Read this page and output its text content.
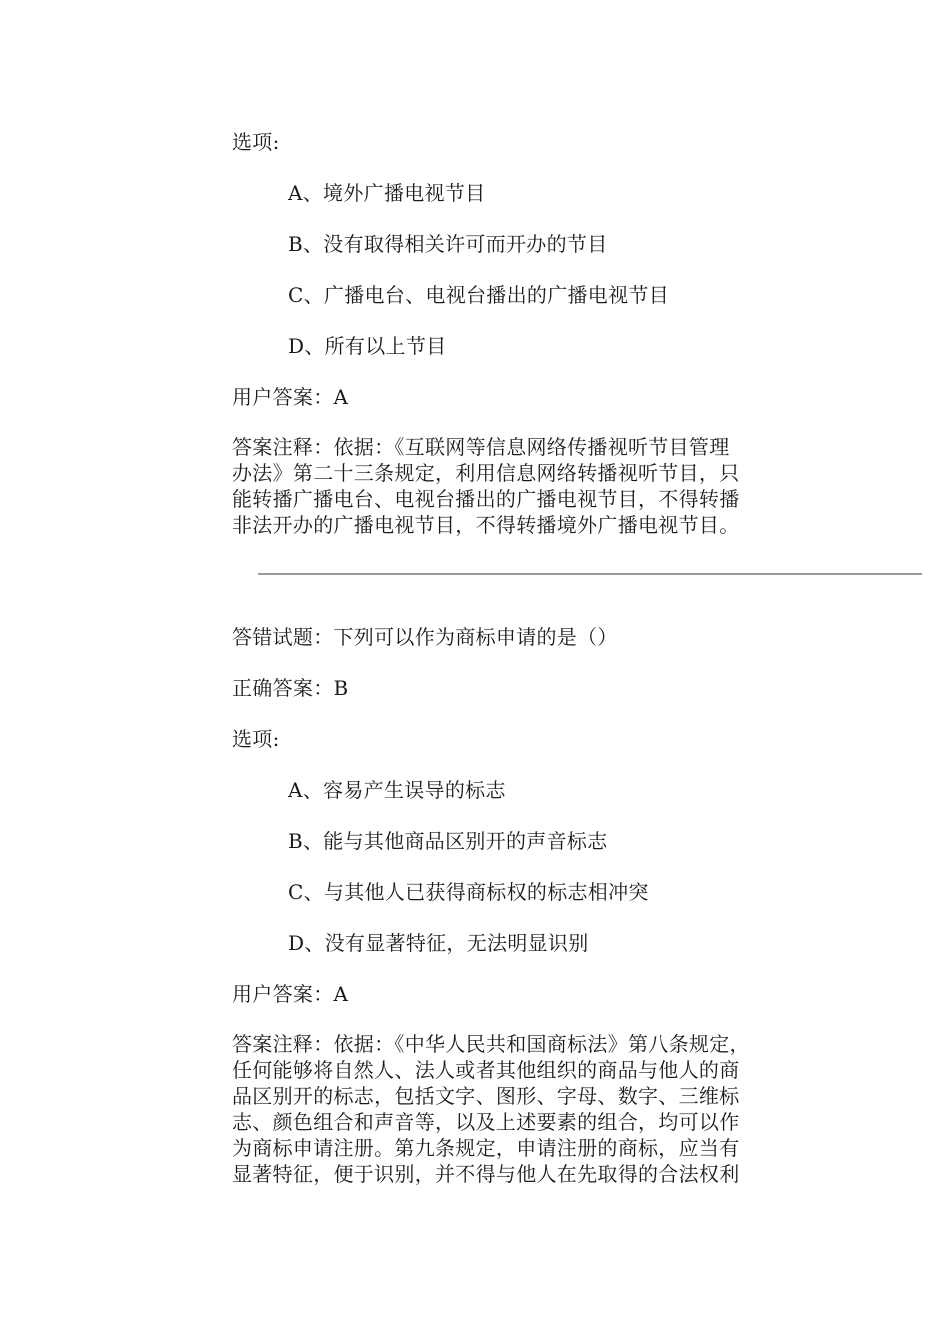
选项:
A、境外广播电视节目
B、没有取得相关许可而开办的节目
C、广播电台、电视台播出的广播电视节目
D、所有以上节目
用户答案：A
答案注释：依据：《互联网等信息网络传播视听节目管理
办法》第二十三条规定，利用信息网络转播视听节目，只
能转播广播电台、电视台播出的广播电视节目，不得转播
非法开办的广播电视节目，不得转播境外广播电视节目。
答错试题：下列可以作为商标申请的是（）
正确答案：B
选项:
A、容易产生误导的标志
B、能与其他商品区别开的声音标志
C、与其他人已获得商标权的标志相冲突
D、没有显著特征，无法明显识别
用户答案：A
答案注释：依据：《中华人民共和国商标法》第八条规定，
任何能够将自然人、法人或者其他组织的商品与他人的商
品区别开的标志，包括文字、图形、字母、数字、三维标
志、颜色组合和声音等，以及上述要素的组合，均可以作
为商标申请注册。第九条规定，申请注册的商标，应当有
显著特征，便于识别，并不得与他人在先取得的合法权利
